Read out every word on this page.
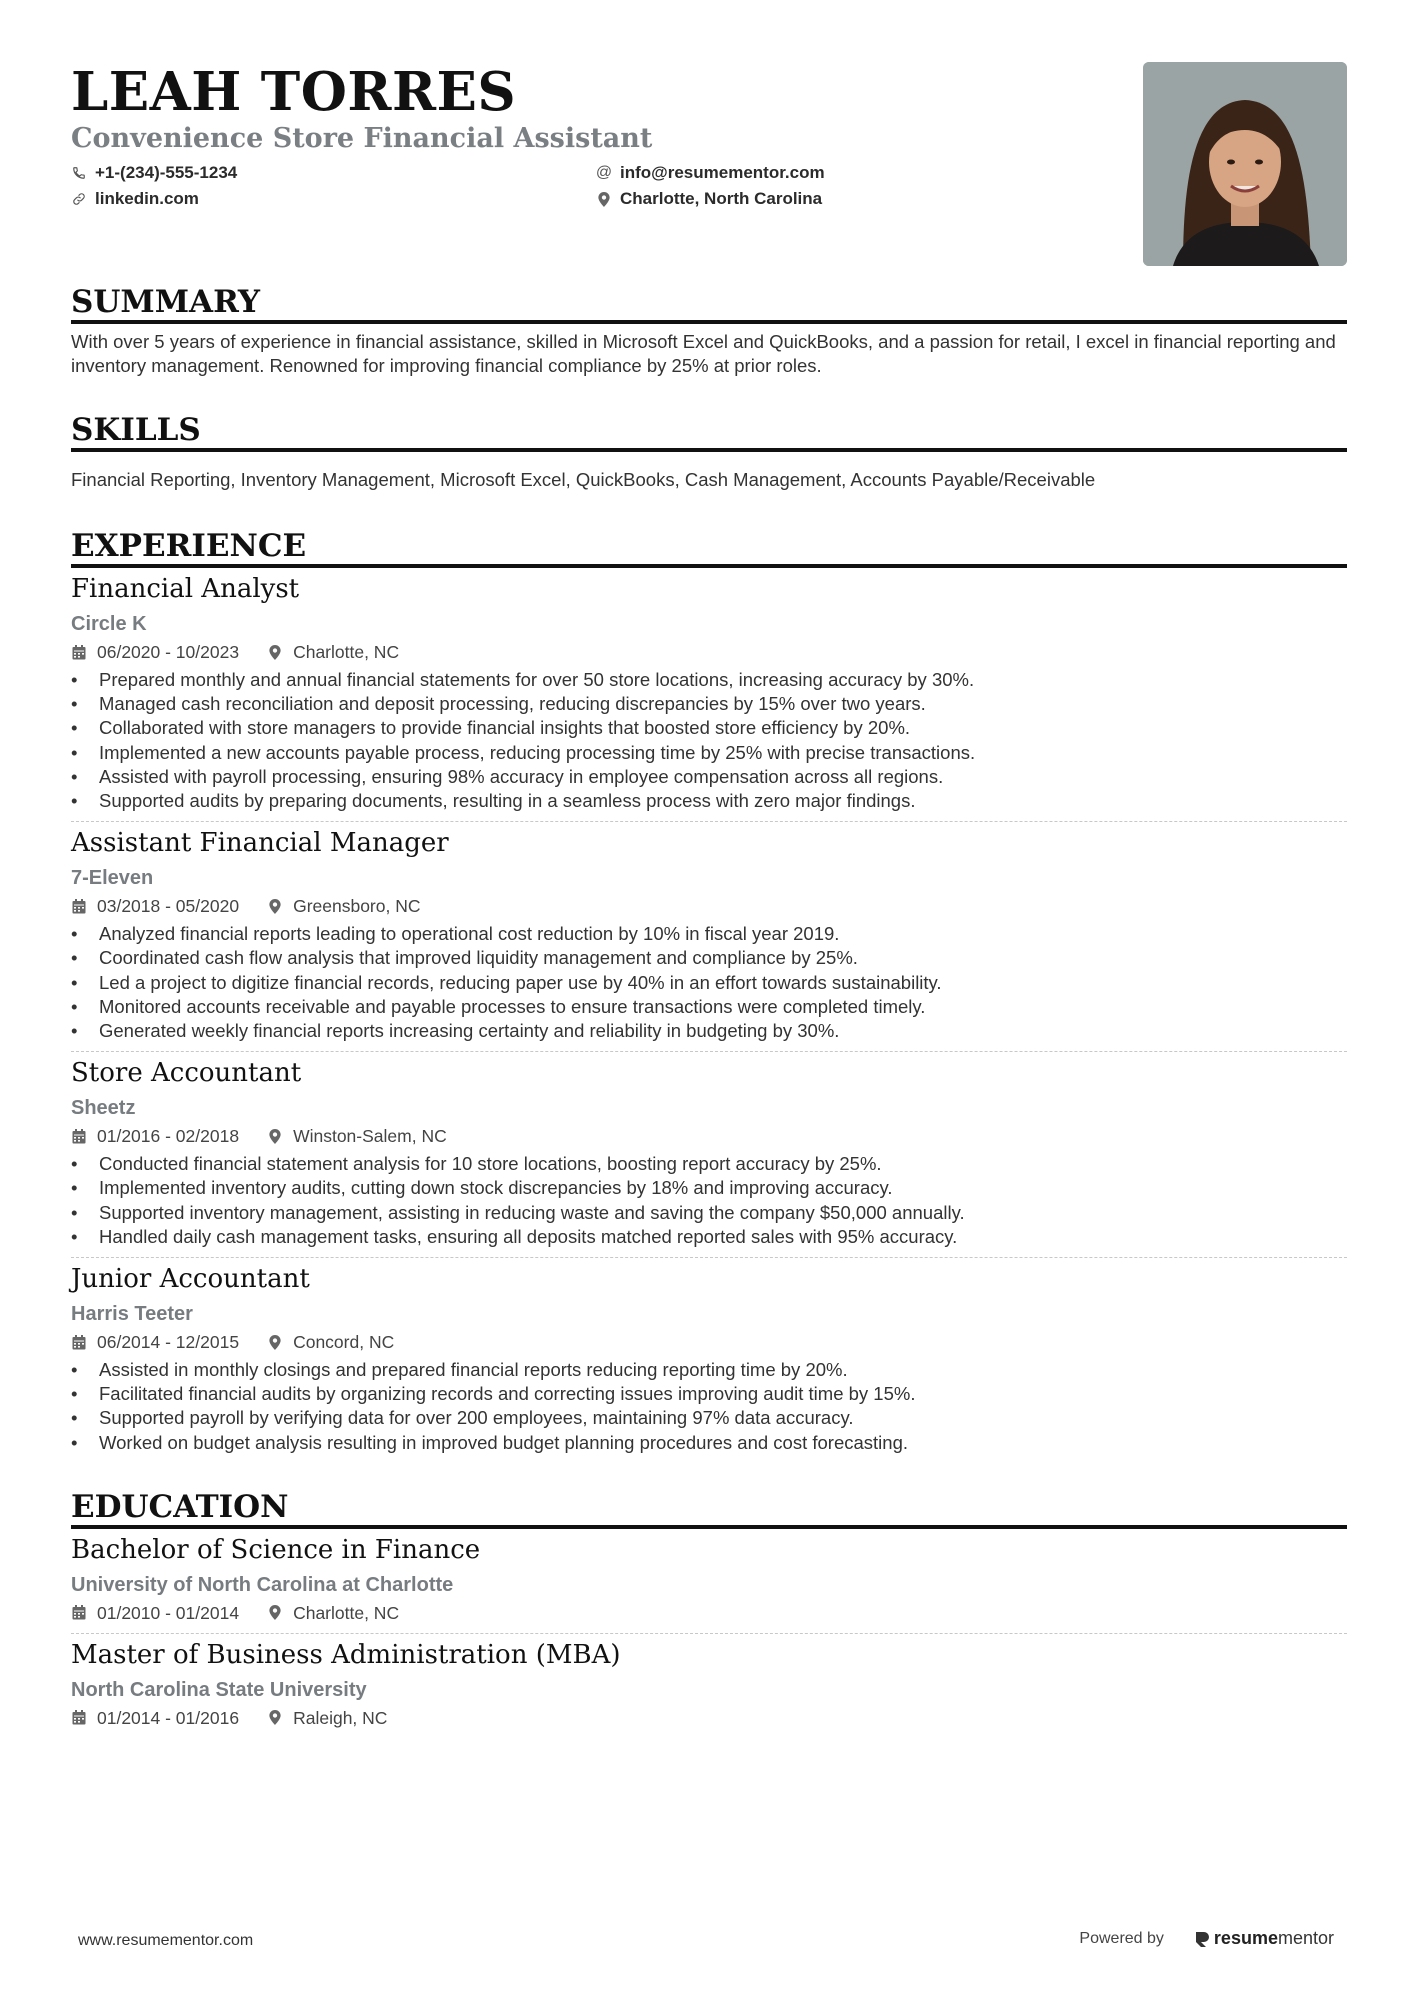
LEAH TORRES
Convenience Store Financial Assistant
+1-(234)-555-1234	@ info@resumementor.com
linkedin.com	Charlotte, North Carolina
SUMMARY
With over 5 years of experience in financial assistance, skilled in Microsoft Excel and QuickBooks, and a passion for retail, I excel in financial reporting and inventory management. Renowned for improving financial compliance by 25% at prior roles.
SKILLS
Financial Reporting, Inventory Management, Microsoft Excel, QuickBooks, Cash Management, Accounts Payable/Receivable
EXPERIENCE
Financial Analyst
Circle K
06/2020 - 10/2023	Charlotte, NC
• Prepared monthly and annual financial statements for over 50 store locations, increasing accuracy by 30%.
• Managed cash reconciliation and deposit processing, reducing discrepancies by 15% over two years.
• Collaborated with store managers to provide financial insights that boosted store efficiency by 20%.
• Implemented a new accounts payable process, reducing processing time by 25% with precise transactions.
• Assisted with payroll processing, ensuring 98% accuracy in employee compensation across all regions.
• Supported audits by preparing documents, resulting in a seamless process with zero major findings.
Assistant Financial Manager
7-Eleven
03/2018 - 05/2020	Greensboro, NC
• Analyzed financial reports leading to operational cost reduction by 10% in fiscal year 2019.
• Coordinated cash flow analysis that improved liquidity management and compliance by 25%.
• Led a project to digitize financial records, reducing paper use by 40% in an effort towards sustainability.
• Monitored accounts receivable and payable processes to ensure transactions were completed timely.
• Generated weekly financial reports increasing certainty and reliability in budgeting by 30%.
Store Accountant
Sheetz
01/2016 - 02/2018	Winston-Salem, NC
• Conducted financial statement analysis for 10 store locations, boosting report accuracy by 25%.
• Implemented inventory audits, cutting down stock discrepancies by 18% and improving accuracy.
• Supported inventory management, assisting in reducing waste and saving the company $50,000 annually.
• Handled daily cash management tasks, ensuring all deposits matched reported sales with 95% accuracy.
Junior Accountant
Harris Teeter
06/2014 - 12/2015	Concord, NC
• Assisted in monthly closings and prepared financial reports reducing reporting time by 20%.
• Facilitated financial audits by organizing records and correcting issues improving audit time by 15%.
• Supported payroll by verifying data for over 200 employees, maintaining 97% data accuracy.
• Worked on budget analysis resulting in improved budget planning procedures and cost forecasting.
EDUCATION
Bachelor of Science in Finance
University of North Carolina at Charlotte
01/2010 - 01/2014	Charlotte, NC
Master of Business Administration (MBA)
North Carolina State University
01/2014 - 01/2016	Raleigh, NC
www.resumementor.com	Powered by	resume mentor
